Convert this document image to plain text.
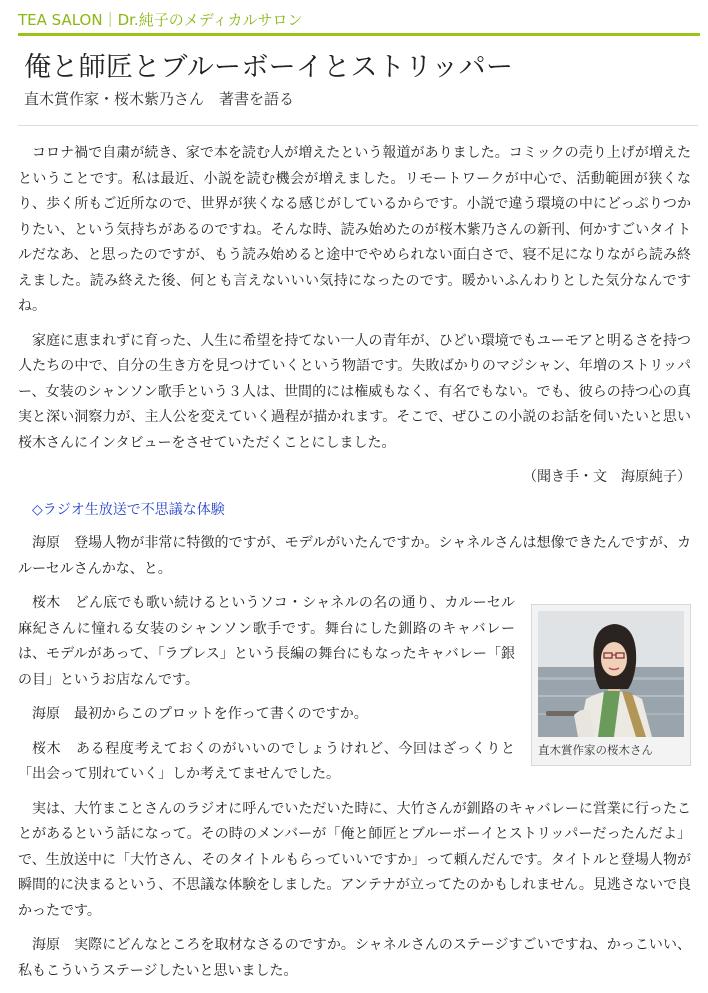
TEA SALON｜Dr.純子のメディカルサロン
俺と師匠とブルーボーイとストリッパー
直木賞作家・桜木紫乃さん　著書を語る

コロナ禍で自粛が続き、家で本を読む人が増えたという報道がありました。コミックの売り上げが増えたということです。私は最近、小説を読む機会が増えました。リモートワークが中心で、活動範囲が狭くなり、歩く所もご近所なので、世界が狭くなる感じがしているからです。小説で違う環境の中にどっぷりつかりたい、という気持ちがあるのですね。そんな時、読み始めたのが桜木紫乃さんの新刊、何かすごいタイトルだなあ、と思ったのですが、もう読み始めると途中でやめられない面白さで、寝不足になりながら読み終えました。読み終えた後、何とも言えないいい気持になったのです。暖かいふんわりとした気分なんですね。

家庭に恵まれずに育った、人生に希望を持てない一人の青年が、ひどい環境でもユーモアと明るさを持つ人たちの中で、自分の生き方を見つけていくという物語です。失敗ばかりのマジシャン、年増のストリッパー、女装のシャンソン歌手という３人は、世間的には権威もなく、有名でもない。でも、彼らの持つ心の真実と深い洞察力が、主人公を変えていく過程が描かれます。そこで、ぜひこの小説のお話を伺いたいと思い桜木さんにインタビューをさせていただくことにしました。

（聞き手・文　海原純子）
◇ラジオ生放送で不思議な体験

海原　登場人物が非常に特徴的ですが、モデルがいたんですか。シャネルさんは想像できたんですが、カルーセルさんかな、と。

直木賞作家の桜木さん

桜木　どん底でも歌い続けるというソコ・シャネルの名の通り、カルーセル麻紀さんに憧れる女装のシャンソン歌手です。舞台にした釧路のキャバレーは、モデルがあって、「ラブレス」という長編の舞台にもなったキャバレー「銀の目」というお店なんです。

海原　最初からこのプロットを作って書くのですか。

桜木　ある程度考えておくのがいいのでしょうけれど、今回はざっくりと「出会って別れていく」しか考えてませんでした。

実は、大竹まことさんのラジオに呼んでいただいた時に、大竹さんが釧路のキャバレーに営業に行ったことがあるという話になって。その時のメンバーが「俺と師匠とブルーボーイとストリッパーだったんだよ」で、生放送中に「大竹さん、そのタイトルもらっていいですか」って頼んだんです。タイトルと登場人物が瞬間的に決まるという、不思議な体験をしました。アンテナが立ってたのかもしれません。見逃さないで良かったです。

海原　実際にどんなところを取材なさるのですか。シャネルさんのステージすごいですね、かっこいい、私もこういうステージしたいと思いました。
